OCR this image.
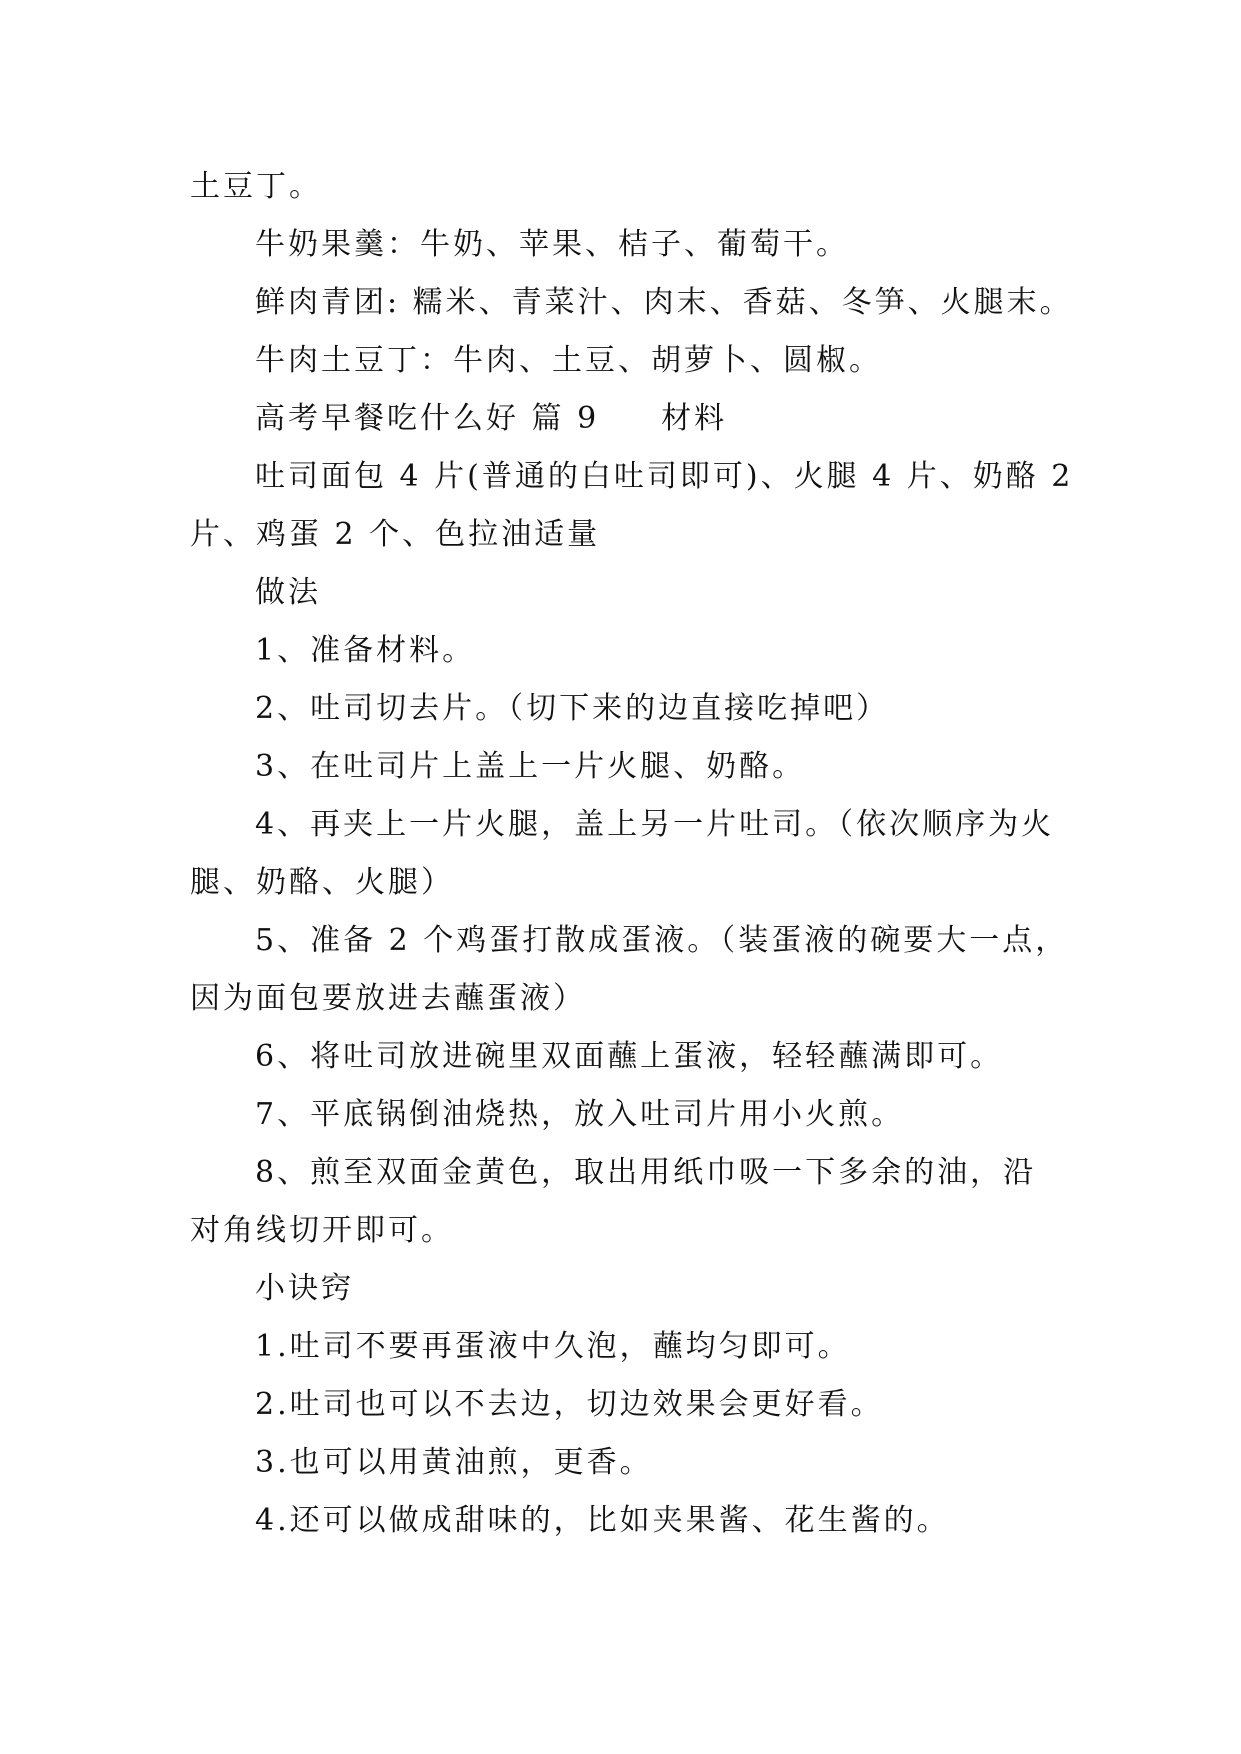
土豆丁。

牛奶果羹：牛奶、苹果、桔子、葡萄干。

鲜肉青团: 糯米、青菜汁、肉末、香菇、冬笋、火腿末。

牛肉土豆丁：牛肉、土豆、胡萝卜、圆椒。

高考早餐吃什么好 篇 9 材料

吐司面包 4 片(普通的白吐司即可)、火腿 4 片、奶酪 2

片、鸡蛋 2 个、色拉油适量

做法

1、准备材料。

2、吐司切去片。（切下来的边直接吃掉吧）

3、在吐司片上盖上一片火腿、奶酪。

4、再夹上一片火腿，盖上另一片吐司。（依次顺序为火

腿、奶酪、火腿）

5、准备 2 个鸡蛋打散成蛋液。（装蛋液的碗要大一点，

因为面包要放进去蘸蛋液）

6、将吐司放进碗里双面蘸上蛋液，轻轻蘸满即可。

7、平底锅倒油烧热，放入吐司片用小火煎。

8、煎至双面金黄色，取出用纸巾吸一下多余的油，沿

对角线切开即可。

小诀窍

1.吐司不要再蛋液中久泡，蘸均匀即可。

2.吐司也可以不去边，切边效果会更好看。

3.也可以用黄油煎，更香。

4.还可以做成甜味的，比如夹果酱、花生酱的。
